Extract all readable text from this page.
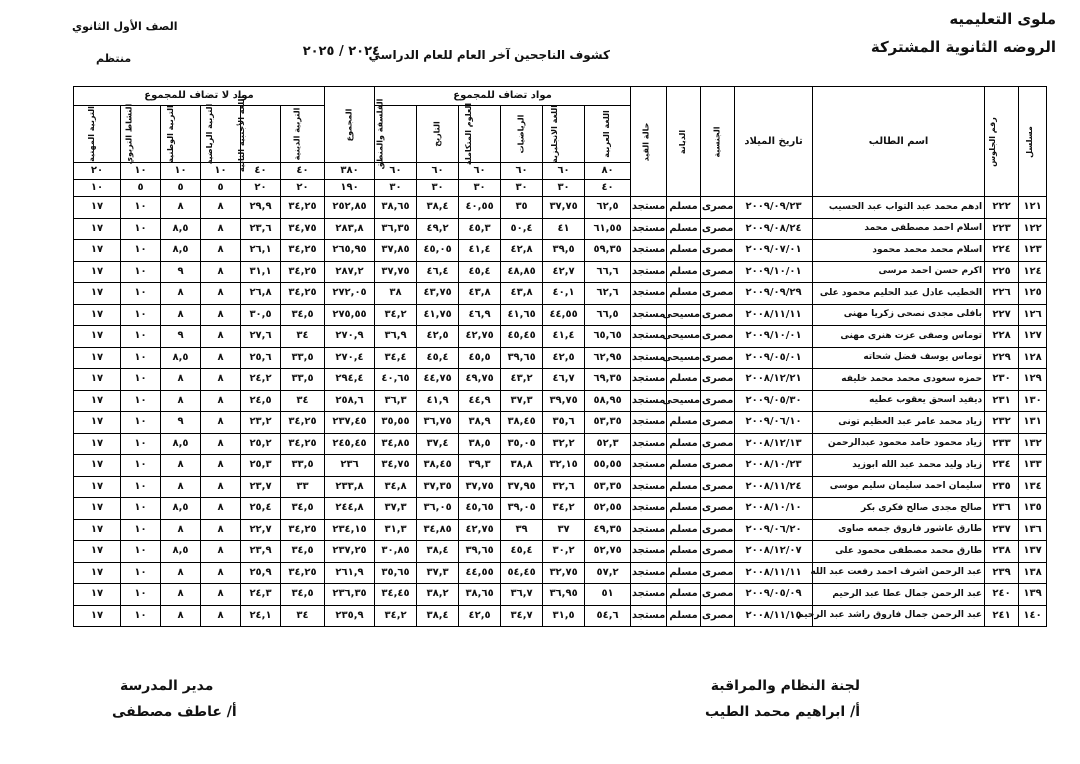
ملوى التعليميه
الروضه الثانوية المشتركة
كشوف الناجحين آخر العام للعام الدراسي
٢٠٢٤ / ٢٠٢٥
الصف الأول الثانوي
منتظم
مسلسل	رقم الجلوس	اسم الطالب	تاريخ الميلاد	الجنسية	الديانة	حالة القيد	مواد تضاف للمجموع						المجموع	مواد لا تضاف للمجموع					
							اللغة العربية	اللغة الانجليزية	الرياضيات	العلوم المتكاملة	التاريخ	الفلسفة والمنطق		التربية الدينية	اللغة الأجنبية الثانية	التربية الرياضية	التربية الوطنية	النشاط التربوي	التربية المهنية
							٨٠	٦٠	٦٠	٦٠	٦٠	٦٠	٣٨٠	٤٠	٤٠	١٠	١٠	١٠	٢٠
							٤٠	٣٠	٣٠	٣٠	٣٠	٣٠	١٩٠	٢٠	٢٠	٥	٥	٥	١٠
١٢١	٢٢٢	ادهم محمد عبد التواب عبد الحسيب	٢٠٠٩/٠٩/٢٣	مصرى	مسلم	مستجد	٦٢,٥	٣٧,٧٥	٣٥	٤٠,٥٥	٣٨,٤	٣٨,٦٥	٢٥٢,٨٥	٣٤,٢٥	٢٩,٩	٨	٨	١٠	١٧
١٢٢	٢٢٣	اسلام احمد مصطفى محمد	٢٠٠٩/٠٨/٢٤	مصرى	مسلم	مستجد	٦١,٥٥	٤١	٥٠,٤	٤٥,٣	٤٩,٢	٣٦,٣٥	٢٨٣,٨	٣٤,٧٥	٢٣,٦	٨	٨,٥	١٠	١٧
١٢٣	٢٢٤	اسلام محمد محمد محمود	٢٠٠٩/٠٧/٠١	مصرى	مسلم	مستجد	٥٩,٣٥	٣٩,٥	٤٢,٨	٤١,٤	٤٥,٠٥	٣٧,٨٥	٢٦٥,٩٥	٣٤,٢٥	٢٦,١	٨	٨,٥	١٠	١٧
١٢٤	٢٢٥	اكرم حسن احمد مرسى	٢٠٠٩/١٠/٠١	مصرى	مسلم	مستجد	٦٦,٦	٤٢,٧	٤٨,٨٥	٤٥,٤	٤٦,٤	٣٧,٧٥	٢٨٧,٢	٣٤,٢٥	٣١,١	٨	٩	١٠	١٧
١٢٥	٢٢٦	الخطيب عادل عبد الحليم محمود على	٢٠٠٩/٠٩/٢٩	مصرى	مسلم	مستجد	٦٢,٦	٤٠,١	٤٣,٨	٤٣,٨	٤٣,٧٥	٣٨	٢٧٢,٠٥	٣٤,٢٥	٢٦,٨	٨	٨	١٠	١٧
١٢٦	٢٢٧	بافلى مجدى نصحى زكريا مهنى	٢٠٠٨/١١/١١	مصرى	مسيحى	مستجد	٦٦,٥	٤٤,٥٥	٤١,٦٥	٤٦,٩	٤١,٧٥	٣٤,٢	٢٧٥,٥٥	٣٤,٥	٣٠,٥	٨	٨	١٠	١٧
١٢٧	٢٢٨	توماس وصفى عزت هنرى مهنى	٢٠٠٩/١٠/٠١	مصرى	مسيحى	مستجد	٦٥,٦٥	٤١,٤	٤٥,٤٥	٤٢,٧٥	٤٢,٥	٣٦,٩	٢٧٠,٩	٣٤	٢٧,٦	٨	٩	١٠	١٧
١٢٨	٢٢٩	توماس يوسف فضل شحاته	٢٠٠٩/٠٥/٠١	مصرى	مسيحى	مستجد	٦٢,٩٥	٤٢,٥	٣٩,٦٥	٤٥,٥	٤٥,٤	٣٤,٤	٢٧٠,٤	٣٣,٥	٢٥,٦	٨	٨,٥	١٠	١٧
١٢٩	٢٣٠	حمزه سعودى محمد محمد خليفه	٢٠٠٨/١٢/٢١	مصرى	مسلم	مستجد	٦٩,٣٥	٤٦,٧	٤٣,٢	٤٩,٧٥	٤٤,٧٥	٤٠,٦٥	٢٩٤,٤	٣٣,٥	٢٤,٢	٨	٨	١٠	١٧
١٣٠	٢٣١	ديفيد اسحق يعقوب عطيه	٢٠٠٩/٠٥/٣٠	مصرى	مسيحى	مستجد	٥٨,٩٥	٣٩,٧٥	٣٧,٣	٤٤,٩	٤١,٩	٣٦,٣	٢٥٨,٦	٣٤	٢٤,٥	٨	٨	١٠	١٧
١٣١	٢٣٢	زياد محمد عامر عبد العظيم تونى	٢٠٠٩/٠٦/١٠	مصرى	مسلم	مستجد	٥٣,٣٥	٣٥,٦	٣٨,٤٥	٣٨,٩	٣٦,٧٥	٣٥,٥٥	٢٣٧,٤٥	٣٤,٢٥	٢٣,٢	٨	٩	١٠	١٧
١٣٢	٢٣٣	زياد محمود حامد محمود عبدالرحمن	٢٠٠٨/١٢/١٣	مصرى	مسلم	مستجد	٥٢,٣	٣٢,٢	٣٥,٠٥	٣٨,٥	٣٧,٤	٣٤,٨٥	٢٤٥,٤٥	٣٤,٢٥	٢٥,٢	٨	٨,٥	١٠	١٧
١٣٣	٢٣٤	زياد وليد محمد عبد الله ابوزيد	٢٠٠٨/١٠/٢٣	مصرى	مسلم	مستجد	٥٥,٥٥	٣٢,١٥	٣٨,٨	٣٩,٣	٣٨,٤٥	٣٤,٧٥	٢٣٦	٣٣,٥	٢٥,٣	٨	٨	١٠	١٧
١٣٤	٢٣٥	سليمان احمد سليمان سليم موسى	٢٠٠٨/١١/٢٤	مصرى	مسلم	مستجد	٥٣,٣٥	٣٢,٦	٣٧,٩٥	٣٧,٧٥	٣٧,٣٥	٣٤,٨	٢٣٣,٨	٣٣	٢٣,٧	٨	٨	١٠	١٧
١٣٥	٢٣٦	صالح مجدى صالح فكرى بكر	٢٠٠٨/١٠/١٠	مصرى	مسلم	مستجد	٥٢,٥٥	٣٤,٢	٣٩,٠٥	٤٥,٦٥	٣٦,٠٥	٣٧,٣	٢٤٤,٨	٣٤,٥	٢٥,٤	٨	٨,٥	١٠	١٧
١٣٦	٢٣٧	طارق عاشور فاروق جمعه صاوى	٢٠٠٩/٠٦/٢٠	مصرى	مسلم	مستجد	٤٩,٣٥	٣٧	٣٩	٤٢,٧٥	٣٤,٨٥	٣١,٣	٢٣٤,١٥	٣٤,٢٥	٢٢,٧	٨	٨	١٠	١٧
١٣٧	٢٣٨	طارق محمد مصطفى محمود على	٢٠٠٨/١٢/٠٧	مصرى	مسلم	مستجد	٥٢,٧٥	٣٠,٢	٤٥,٤	٣٩,٦٥	٣٨,٤	٣٠,٨٥	٢٣٧,٢٥	٣٤,٥	٢٣,٩	٨	٨,٥	١٠	١٧
١٣٨	٢٣٩	عبد الرحمن اشرف احمد رفعت عبد الله	٢٠٠٨/١١/١١	مصرى	مسلم	مستجد	٥٧,٢	٣٢,٧٥	٥٤,٤٥	٤٤,٥٥	٣٧,٣	٣٥,٦٥	٢٦١,٩	٣٤,٢٥	٢٥,٩	٨	٨	١٠	١٧
١٣٩	٢٤٠	عبد الرحمن جمال عطا عبد الرحيم	٢٠٠٩/٠٥/٠٩	مصرى	مسلم	مستجد	٥١	٣٦,٩٥	٣٦,٧	٣٨,٦٥	٣٨,٢	٣٤,٤٥	٢٣٦,٣٥	٣٤,٥	٢٤,٣	٨	٨	١٠	١٧
١٤٠	٢٤١	عبد الرحمن جمال فاروق راشد عبد الرحيم	٢٠٠٨/١١/١٥	مصرى	مسلم	مستجد	٥٤,٦	٣١,٥	٣٤,٧	٤٢,٥	٣٨,٤	٣٤,٢	٢٣٥,٩	٣٤	٢٤,١	٨	٨	١٠	١٧
لجنة النظام والمراقبة
أ/ ابراهيم محمد الطيب
مدير المدرسة
أ/ عاطف مصطفى
